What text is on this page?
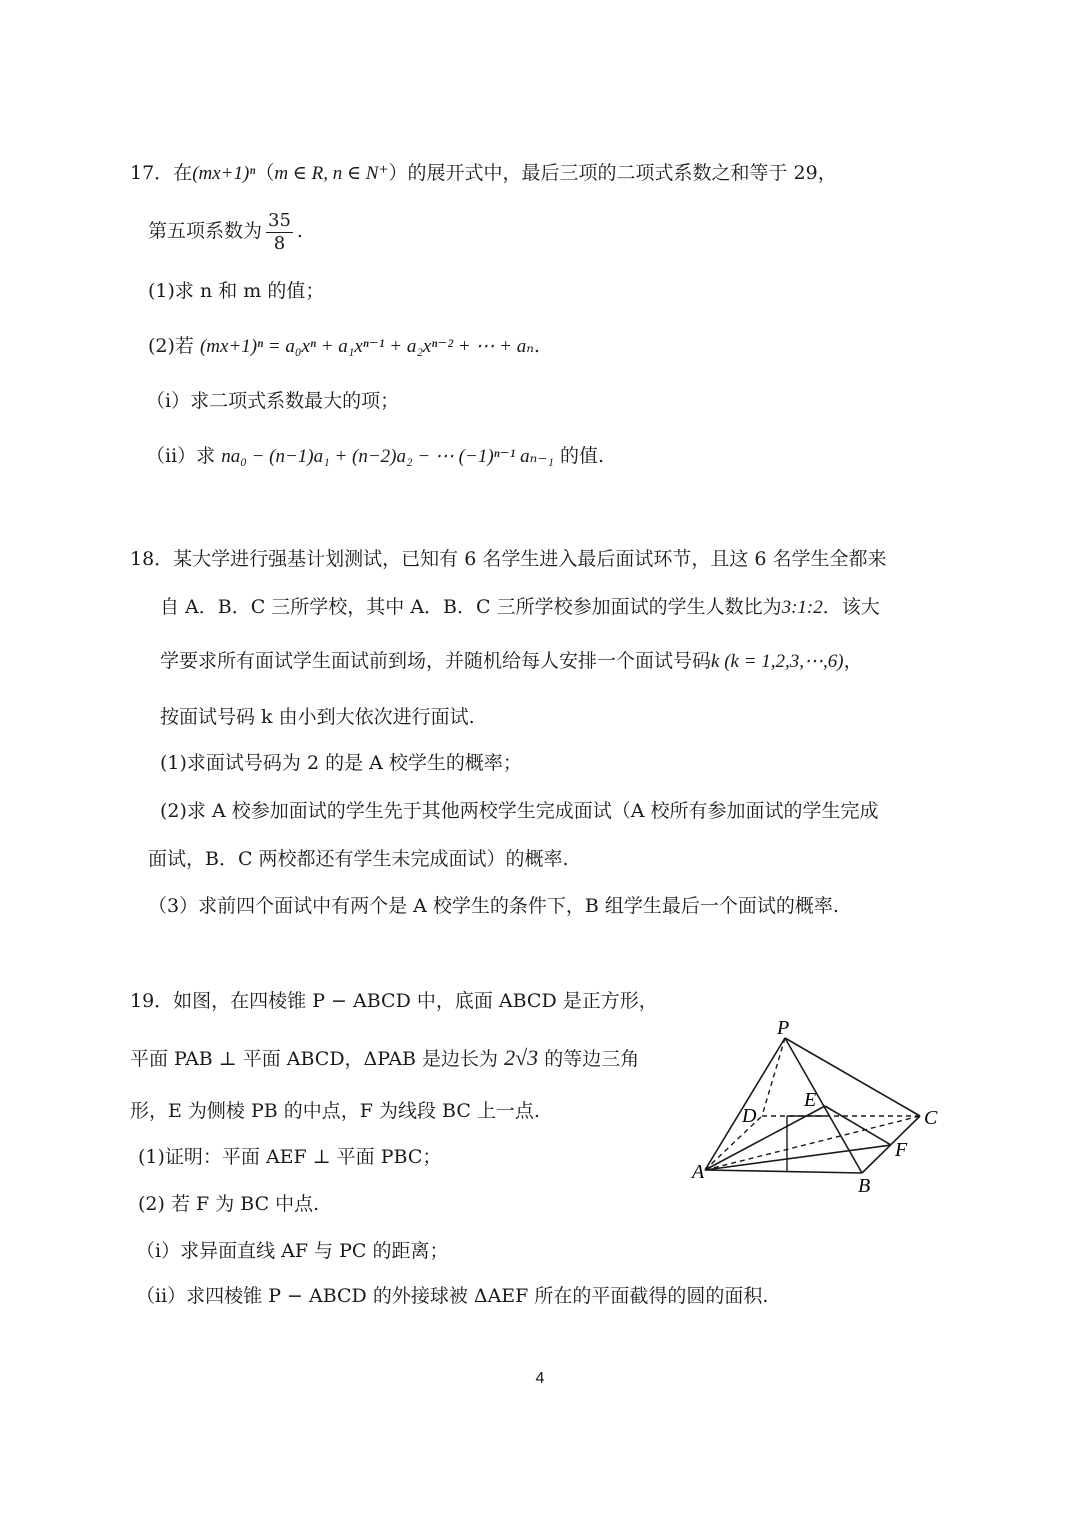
17．在(mx+1)ⁿ（m ∈ R, n ∈ N⁺）的展开式中，最后三项的二项式系数之和等于 29，
第五项系数为 $\frac{35}{8}$ .
(1)求 n 和 m 的值；
(2)若 (mx+1)ⁿ = a₀xⁿ + a₁xⁿ⁻¹ + a₂xⁿ⁻² + ⋯ + aₙ.
（i）求二项式系数最大的项；
（ii）求 na₀ − (n−1)a₁ + (n−2)a₂ − ⋯ (−1)ⁿ⁻¹ aₙ₋₁ 的值.
18．某大学进行强基计划测试，已知有 6 名学生进入最后面试环节，且这 6 名学生全都来
自 A．B．C 三所学校，其中 A．B．C 三所学校参加面试的学生人数比为3:1:2．该大
学要求所有面试学生面试前到场，并随机给每人安排一个面试号码k (k = 1,2,3,⋯,6)，
按面试号码 k 由小到大依次进行面试.
(1)求面试号码为 2 的是 A 校学生的概率；
(2)求 A 校参加面试的学生先于其他两校学生完成面试（A 校所有参加面试的学生完成
面试，B．C 两校都还有学生未完成面试）的概率.
（3）求前四个面试中有两个是 A 校学生的条件下，B 组学生最后一个面试的概率.
19．如图，在四棱锥 P − ABCD 中，底面 ABCD 是正方形，
平面 PAB ⊥ 平面 ABCD，ΔPAB 是边长为 2√3 的等边三角
形，E 为侧棱 PB 的中点，F 为线段 BC 上一点.
(1)证明：平面 AEF ⊥ 平面 PBC；
(2) 若 F 为 BC 中点.
（i）求异面直线 AF 与 PC 的距离；
（ii）求四棱锥 P − ABCD 的外接球被 ΔAEF 所在的平面截得的圆的面积.
P
D
E
C
F
A
B
4
